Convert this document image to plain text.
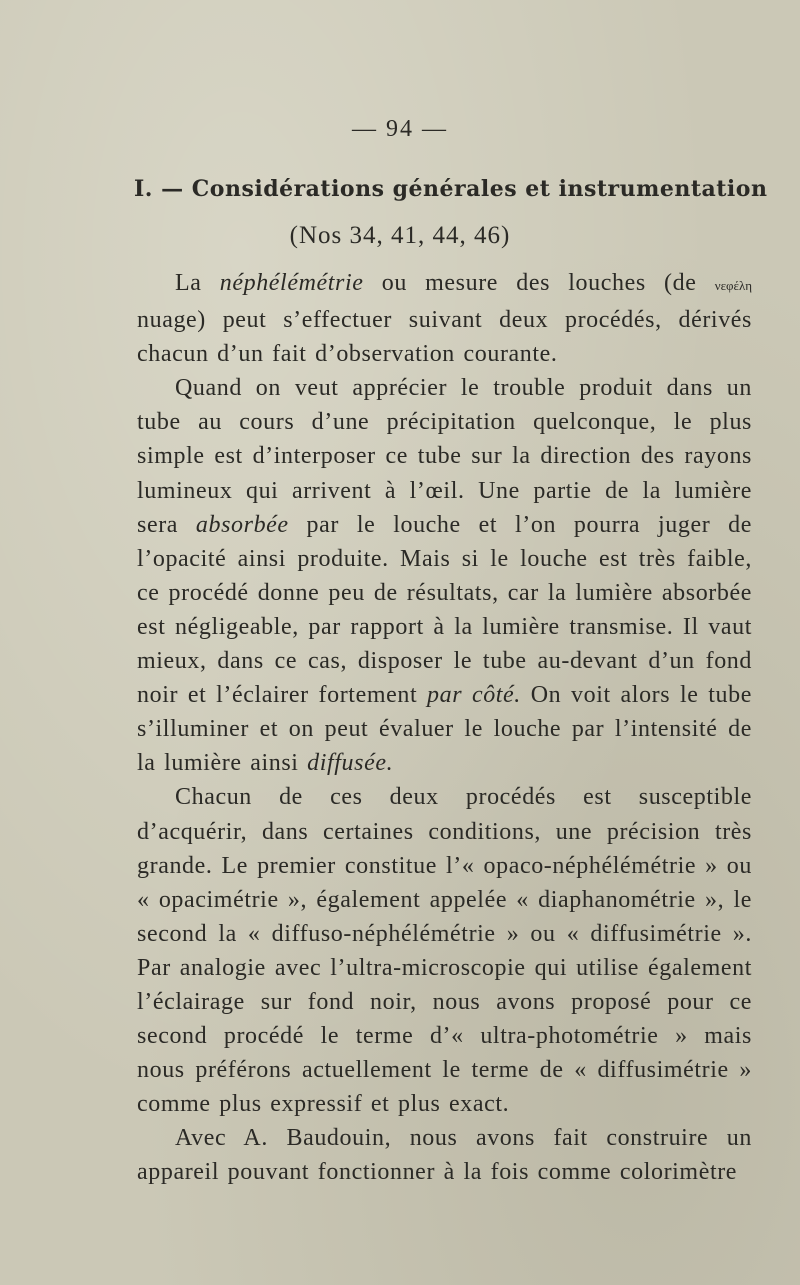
— 94 —
I. — Considérations générales et instrumentation
(Nos 34, 41, 44, 46)

La néphélémétrie ou mesure des louches (de νεφέλη nuage) peut s’effectuer suivant deux procédés, dérivés chacun d’un fait d’observation courante.

Quand on veut apprécier le trouble produit dans un tube au cours d’une précipitation quelconque, le plus simple est d’interposer ce tube sur la direction des rayons lumineux qui arrivent à l’œil. Une partie de la lumière sera absorbée par le louche et l’on pourra juger de l’opacité ainsi produite. Mais si le louche est très faible, ce procédé donne peu de résultats, car la lumière absorbée est négligeable, par rapport à la lumière transmise. Il vaut mieux, dans ce cas, disposer le tube au-devant d’un fond noir et l’éclairer fortement par côté. On voit alors le tube s’illuminer et on peut évaluer le louche par l’intensité de la lumière ainsi diffusée.

Chacun de ces deux procédés est susceptible d’acquérir, dans certaines conditions, une précision très grande. Le premier constitue l’« opaco-néphélémétrie » ou « opacimétrie », également appelée « diaphanométrie », le second la « diffuso-néphélémétrie » ou « diffusimétrie ». Par analogie avec l’ultra-microscopie qui utilise également l’éclairage sur fond noir, nous avons proposé pour ce second procédé le terme d’« ultra-photométrie » mais nous préférons actuellement le terme de « diffusimétrie » comme plus expressif et plus exact.

Avec A. Baudouin, nous avons fait construire un appareil pouvant fonctionner à la fois comme colorimètre
